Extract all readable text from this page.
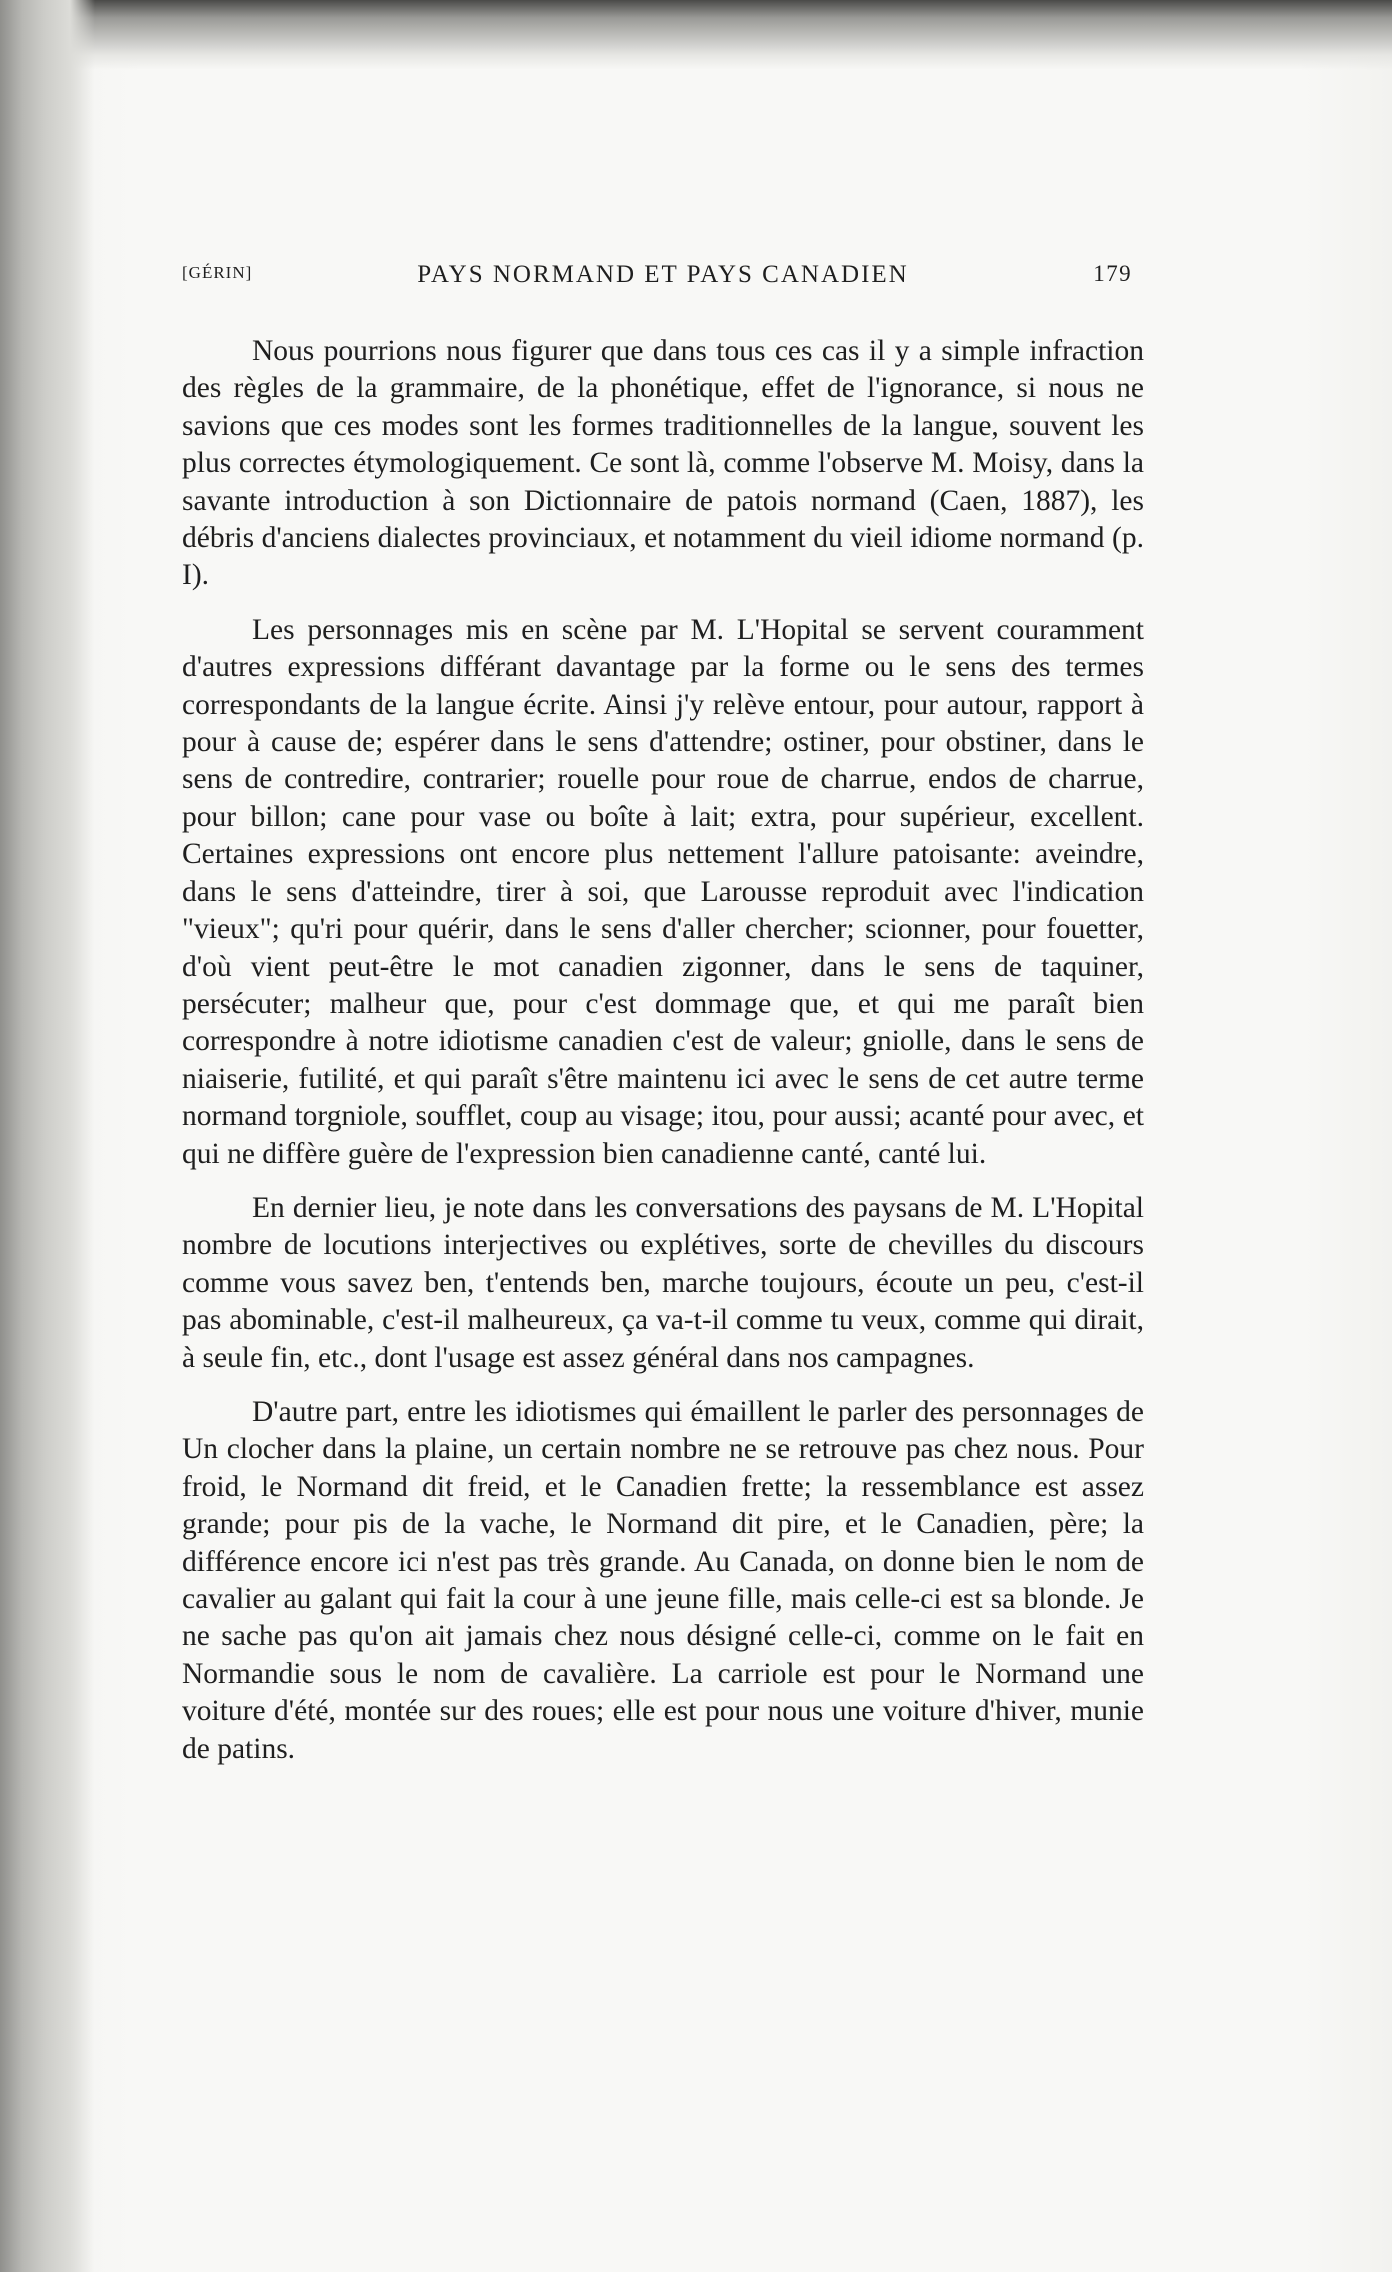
[GÉRIN]	PAYS NORMAND ET PAYS CANADIEN	179

Nous pourrions nous figurer que dans tous ces cas il y a simple infraction des règles de la grammaire, de la phonétique, effet de l'ignorance, si nous ne savions que ces modes sont les formes traditionnelles de la langue, souvent les plus correctes étymologiquement. Ce sont là, comme l'observe M. Moisy, dans la savante introduction à son Dictionnaire de patois normand (Caen, 1887), les débris d'anciens dialectes provinciaux, et notamment du vieil idiome normand (p. I).

Les personnages mis en scène par M. L'Hopital se servent couramment d'autres expressions différant davantage par la forme ou le sens des termes correspondants de la langue écrite. Ainsi j'y relève entour, pour autour, rapport à pour à cause de; espérer dans le sens d'attendre; ostiner, pour obstiner, dans le sens de contredire, contrarier; rouelle pour roue de charrue, endos de charrue, pour billon; cane pour vase ou boîte à lait; extra, pour supérieur, excellent. Certaines expressions ont encore plus nettement l'allure patoisante: aveindre, dans le sens d'atteindre, tirer à soi, que Larousse reproduit avec l'indication "vieux"; qu'ri pour quérir, dans le sens d'aller chercher; scionner, pour fouetter, d'où vient peut-être le mot canadien zigonner, dans le sens de taquiner, persécuter; malheur que, pour c'est dommage que, et qui me paraît bien correspondre à notre idiotisme canadien c'est de valeur; gniolle, dans le sens de niaiserie, futilité, et qui paraît s'être maintenu ici avec le sens de cet autre terme normand torgniole, soufflet, coup au visage; itou, pour aussi; acanté pour avec, et qui ne diffère guère de l'expression bien canadienne canté, canté lui.

En dernier lieu, je note dans les conversations des paysans de M. L'Hopital nombre de locutions interjectives ou explétives, sorte de chevilles du discours comme vous savez ben, t'entends ben, marche toujours, écoute un peu, c'est-il pas abominable, c'est-il malheureux, ça va-t-il comme tu veux, comme qui dirait, à seule fin, etc., dont l'usage est assez général dans nos campagnes.

D'autre part, entre les idiotismes qui émaillent le parler des personnages de Un clocher dans la plaine, un certain nombre ne se retrouve pas chez nous. Pour froid, le Normand dit freid, et le Canadien frette; la ressemblance est assez grande; pour pis de la vache, le Normand dit pire, et le Canadien, père; la différence encore ici n'est pas très grande. Au Canada, on donne bien le nom de cavalier au galant qui fait la cour à une jeune fille, mais celle-ci est sa blonde. Je ne sache pas qu'on ait jamais chez nous désigné celle-ci, comme on le fait en Normandie sous le nom de cavalière. La carriole est pour le Normand une voiture d'été, montée sur des roues; elle est pour nous une voiture d'hiver, munie de patins.
